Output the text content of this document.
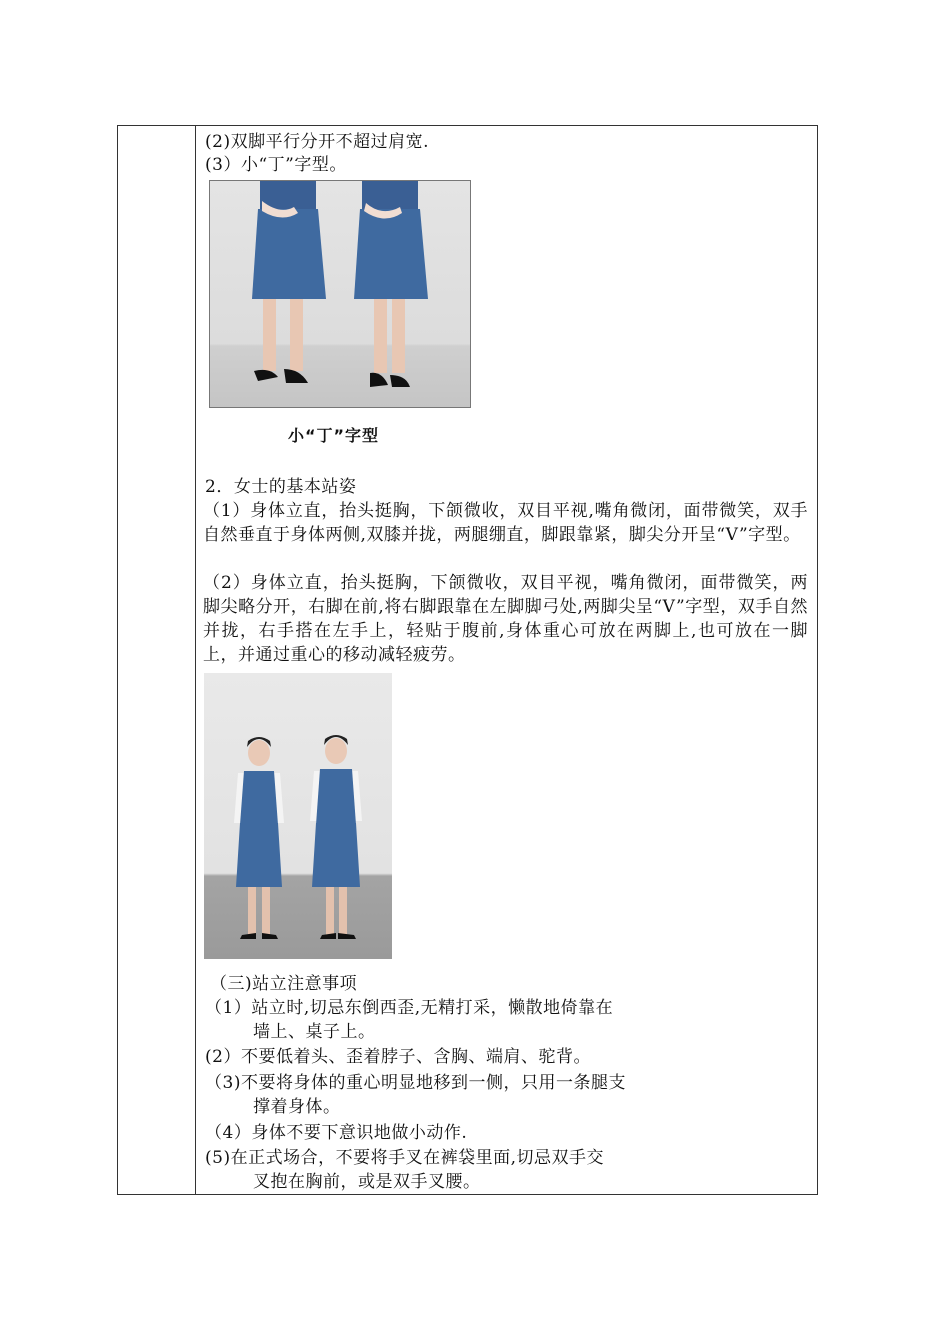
(2)双脚平行分开不超过肩宽.
(3）小“丁”字型。
小“丁”字型
2．女士的基本站姿
（1）身体立直，抬头挺胸，下颌微收，双目平视,嘴角微闭，面带微笑，双手自然垂直于身体两侧,双膝并拢，两腿绷直，脚跟靠紧，脚尖分开呈“V”字型。
（2）身体立直，抬头挺胸，下颌微收，双目平视，嘴角微闭，面带微笑，两脚尖略分开，右脚在前,将右脚跟靠在左脚脚弓处,两脚尖呈“V”字型，双手自然并拢，右手搭在左手上，轻贴于腹前,身体重心可放在两脚上,也可放在一脚上，并通过重心的移动减轻疲劳。
（三)站立注意事项
（1）站立时,切忌东倒西歪,无精打采，懒散地倚靠在
墙上、桌子上。
(2）不要低着头、歪着脖子、含胸、端肩、驼背。
（3)不要将身体的重心明显地移到一侧，只用一条腿支
撑着身体。
（4）身体不要下意识地做小动作.
(5)在正式场合，不要将手叉在裤袋里面,切忌双手交
叉抱在胸前，或是双手叉腰。
